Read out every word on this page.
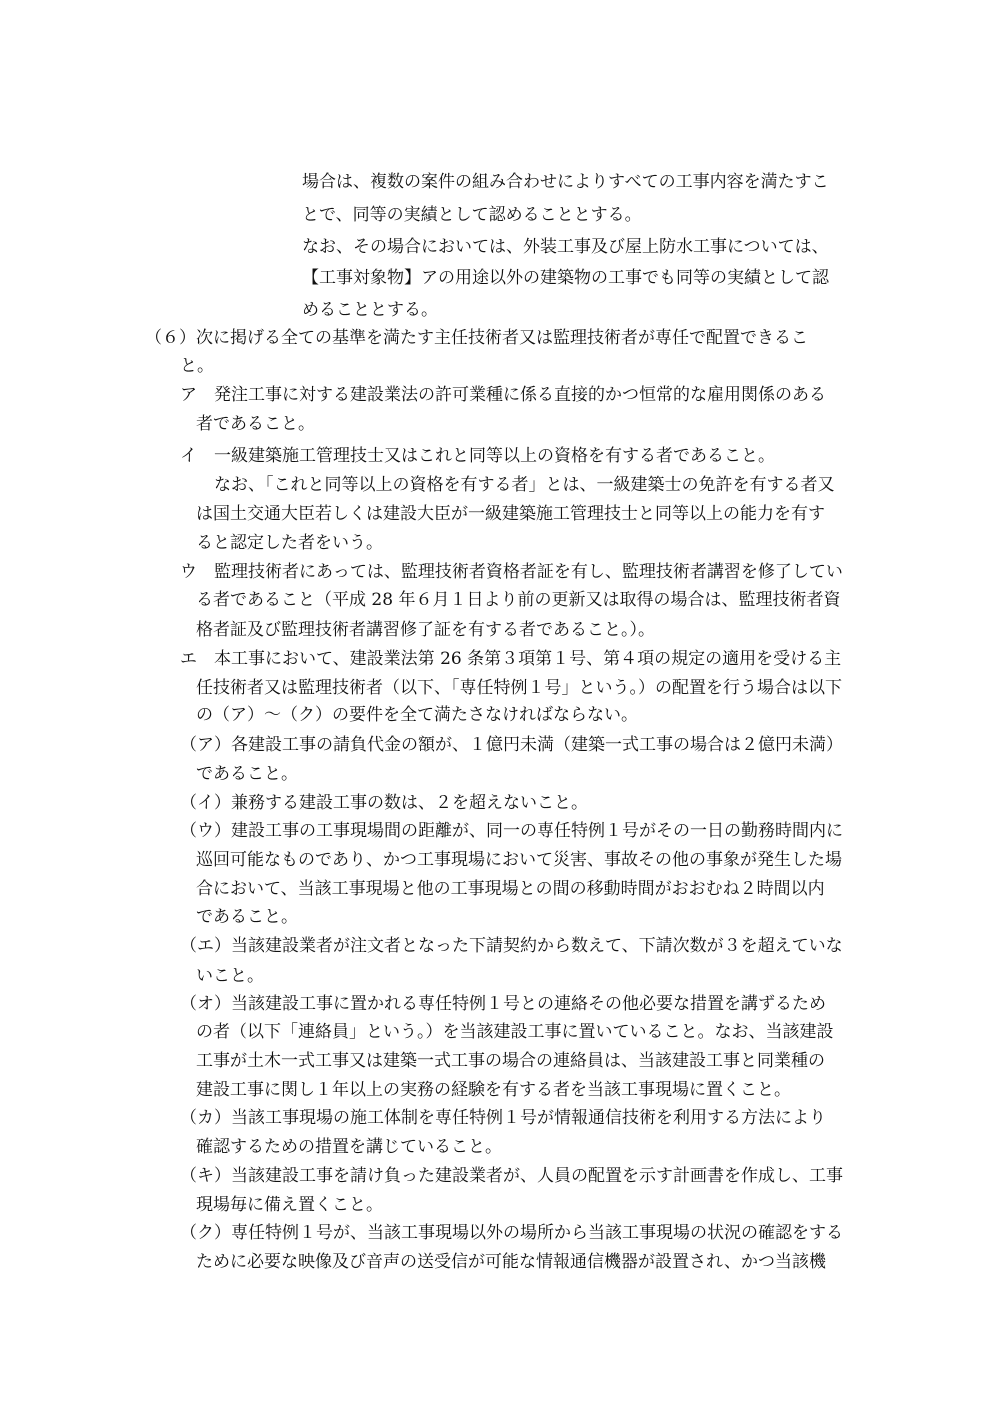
場合は、複数の案件の組み合わせによりすべての工事内容を満たすこ
とで、同等の実績として認めることとする。
なお、その場合においては、外装工事及び屋上防水工事については、
【工事対象物】アの用途以外の建築物の工事でも同等の実績として認
めることとする。
（６）次に掲げる全ての基準を満たす主任技術者又は監理技術者が専任で配置できるこ
と。
ア　発注工事に対する建設業法の許可業種に係る直接的かつ恒常的な雇用関係のある
者であること。
イ　一級建築施工管理技士又はこれと同等以上の資格を有する者であること。
なお、「これと同等以上の資格を有する者」とは、一級建築士の免許を有する者又
は国土交通大臣若しくは建設大臣が一級建築施工管理技士と同等以上の能力を有す
ると認定した者をいう。
ウ　監理技術者にあっては、監理技術者資格者証を有し、監理技術者講習を修了してい
る者であること（平成 28 年６月１日より前の更新又は取得の場合は、監理技術者資
格者証及び監理技術者講習修了証を有する者であること。）。
エ　本工事において、建設業法第 26 条第３項第１号、第４項の規定の適用を受ける主
任技術者又は監理技術者（以下、「専任特例１号」という。）の配置を行う場合は以下
の（ア）～（ク）の要件を全て満たさなければならない。
（ア）各建設工事の請負代金の額が、１億円未満（建築一式工事の場合は２億円未満）
であること。
（イ）兼務する建設工事の数は、２を超えないこと。
（ウ）建設工事の工事現場間の距離が、同一の専任特例１号がその一日の勤務時間内に
巡回可能なものであり、かつ工事現場において災害、事故その他の事象が発生した場
合において、当該工事現場と他の工事現場との間の移動時間がおおむね２時間以内
であること。
（エ）当該建設業者が注文者となった下請契約から数えて、下請次数が３を超えていな
いこと。
（オ）当該建設工事に置かれる専任特例１号との連絡その他必要な措置を講ずるため
の者（以下「連絡員」という。）を当該建設工事に置いていること。なお、当該建設
工事が土木一式工事又は建築一式工事の場合の連絡員は、当該建設工事と同業種の
建設工事に関し１年以上の実務の経験を有する者を当該工事現場に置くこと。
（カ）当該工事現場の施工体制を専任特例１号が情報通信技術を利用する方法により
確認するための措置を講じていること。
（キ）当該建設工事を請け負った建設業者が、人員の配置を示す計画書を作成し、工事
現場毎に備え置くこと。
（ク）専任特例１号が、当該工事現場以外の場所から当該工事現場の状況の確認をする
ために必要な映像及び音声の送受信が可能な情報通信機器が設置され、かつ当該機
